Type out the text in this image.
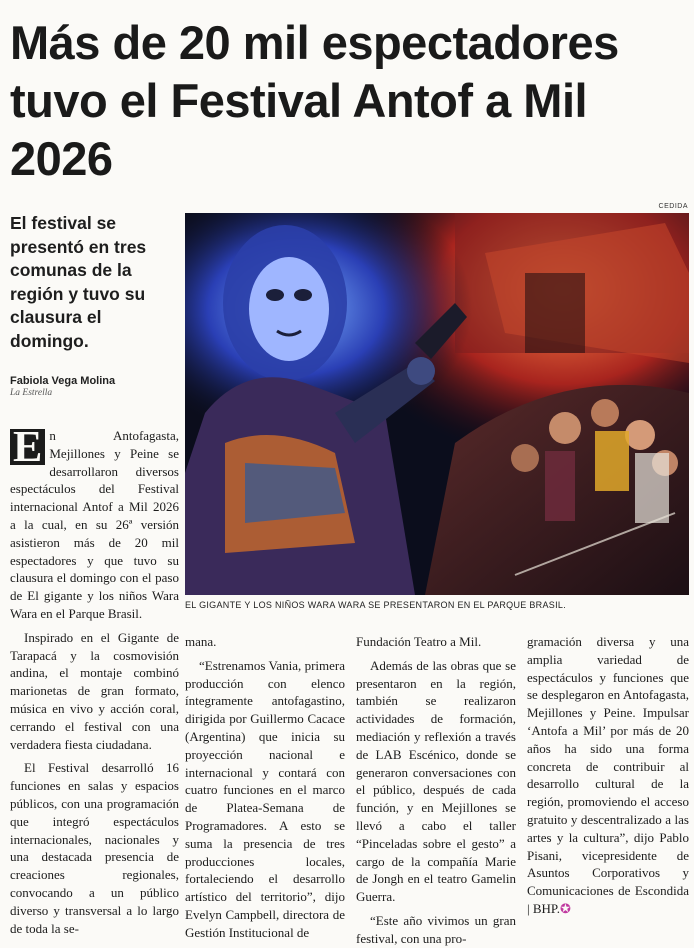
Más de 20 mil espectadores tuvo el Festival Antof a Mil 2026
CEDIDA
El festival se presentó en tres comunas de la región y tuvo su clausura el domingo.
Fabiola Vega Molina
La Estrella
EL GIGANTE Y LOS NIÑOS WARA WARA SE PRESENTARON EN EL PARQUE BRASIL.

E n Antofagasta, Mejillones y Peine se desarrollaron diversos espectáculos del Festival internacional Antof a Mil 2026 a la cual, en su 26ª versión asistieron más de 20 mil espectadores y que tuvo su clausura el domingo con el paso de El gigante y los niños Wara Wara en el Parque Brasil.

Inspirado en el Gigante de Tarapacá y la cosmovisión andina, el montaje combinó marionetas de gran formato, música en vivo y acción coral, cerrando el festival con una verdadera fiesta ciudadana.

El Festival desarrolló 16 funciones en salas y espacios públicos, con una programación que integró espectáculos internacionales, nacionales y una destacada presencia de creaciones regionales, convocando a un público diverso y transversal a lo largo de toda la se-

mana.

“Estrenamos Vania, primera producción con elenco íntegramente antofagastino, dirigida por Guillermo Cacace (Argentina) que inicia su proyección nacional e internacional y contará con cuatro funciones en el marco de Platea-Semana de Programadores. A esto se suma la presencia de tres producciones locales, fortaleciendo el desarrollo artístico del territorio”, dijo Evelyn Campbell, directora de Gestión Institucional de

Fundación Teatro a Mil.

Además de las obras que se presentaron en la región, también se realizaron actividades de formación, mediación y reflexión a través de LAB Escénico, donde se generaron conversaciones con el público, después de cada función, y en Mejillones se llevó a cabo el taller “Pinceladas sobre el gesto” a cargo de la compañía Marie de Jongh en el teatro Gamelin Guerra.

“Este año vivimos un gran festival, con una pro-

gramación diversa y una amplia variedad de espectáculos y funciones que se desplegaron en Antofagasta, Mejillones y Peine. Impulsar ‘Antofa a Mil’ por más de 20 años ha sido una forma concreta de contribuir al desarrollo cultural de la región, promoviendo el acceso gratuito y descentralizado a las artes y la cultura”, dijo Pablo Pisani, vicepresidente de Asuntos Corporativos y Comunicaciones de Escondida | BHP.✪
